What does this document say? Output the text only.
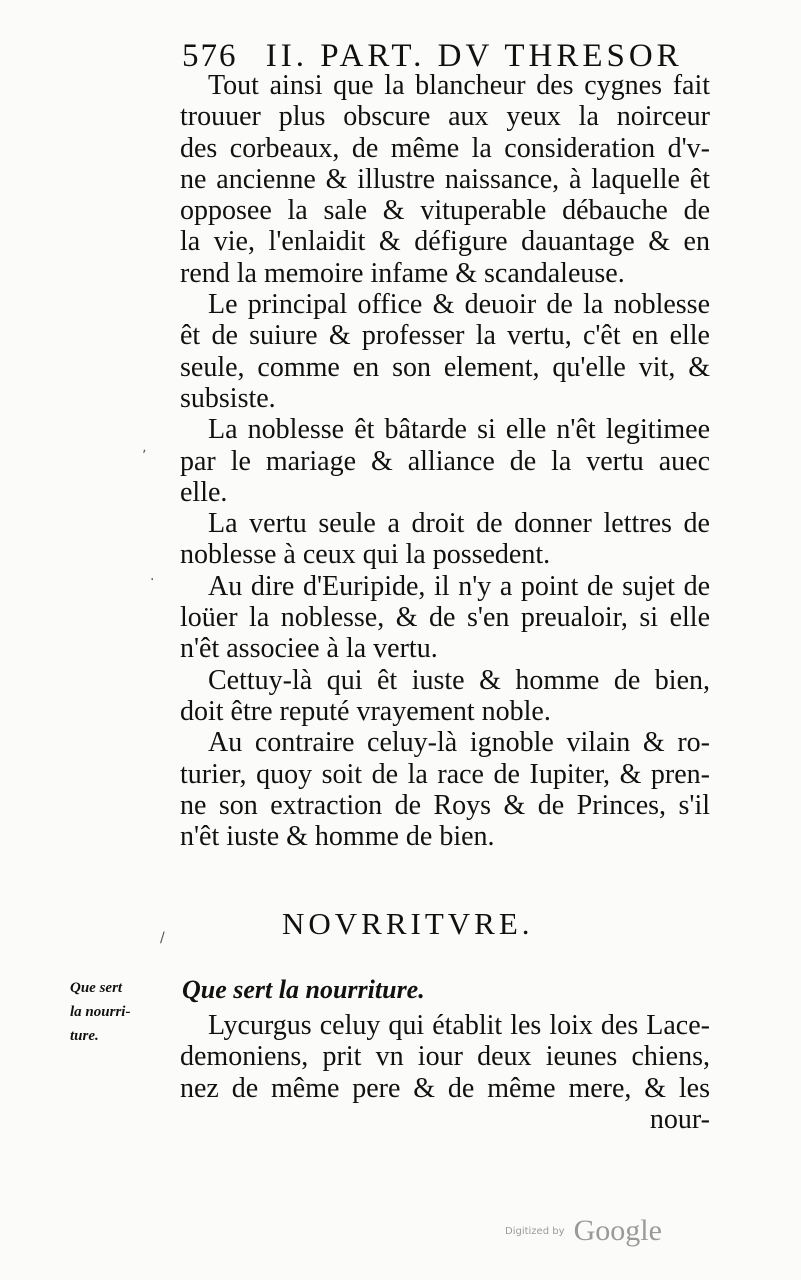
576 II. PART. DV THRESOR
Tout ainsi que la blancheur des cygnes fait
trouuer plus obscure aux yeux la noirceur
des corbeaux, de même la consideration d'v-
ne ancienne & illustre naissance, à laquelle êt
opposee la sale & vituperable débauche de
la vie, l'enlaidit & défigure dauantage & en
rend la memoire infame & scandaleuse.
Le principal office & deuoir de la noblesse
êt de suiure & professer la vertu, c'êt en elle
seule, comme en son element, qu'elle vit, &
subsiste.
La noblesse êt bâtarde si elle n'êt legitimee
par le mariage & alliance de la vertu auec
elle.
La vertu seule a droit de donner lettres de
noblesse à ceux qui la possedent.
Au dire d'Euripide, il n'y a point de sujet de
loüer la noblesse, & de s'en preualoir, si elle
n'êt associee à la vertu.
Cettuy-là qui êt iuste & homme de bien,
doit être reputé vrayement noble.
Au contraire celuy-là ignoble vilain & ro-
turier, quoy soit de la race de Iupiter, & pren-
ne son extraction de Roys & de Princes, s'il
n'êt iuste & homme de bien.
NOVRRITVRE.
Que sert
la nourri-
ture.
Que sert la nourriture.
Lycurgus celuy qui établit les loix des Lace-
demoniens, prit vn iour deux ieunes chiens,
nez de même pere & de même mere, & les
nour-
ʼ
·
/
Digitized by Google
